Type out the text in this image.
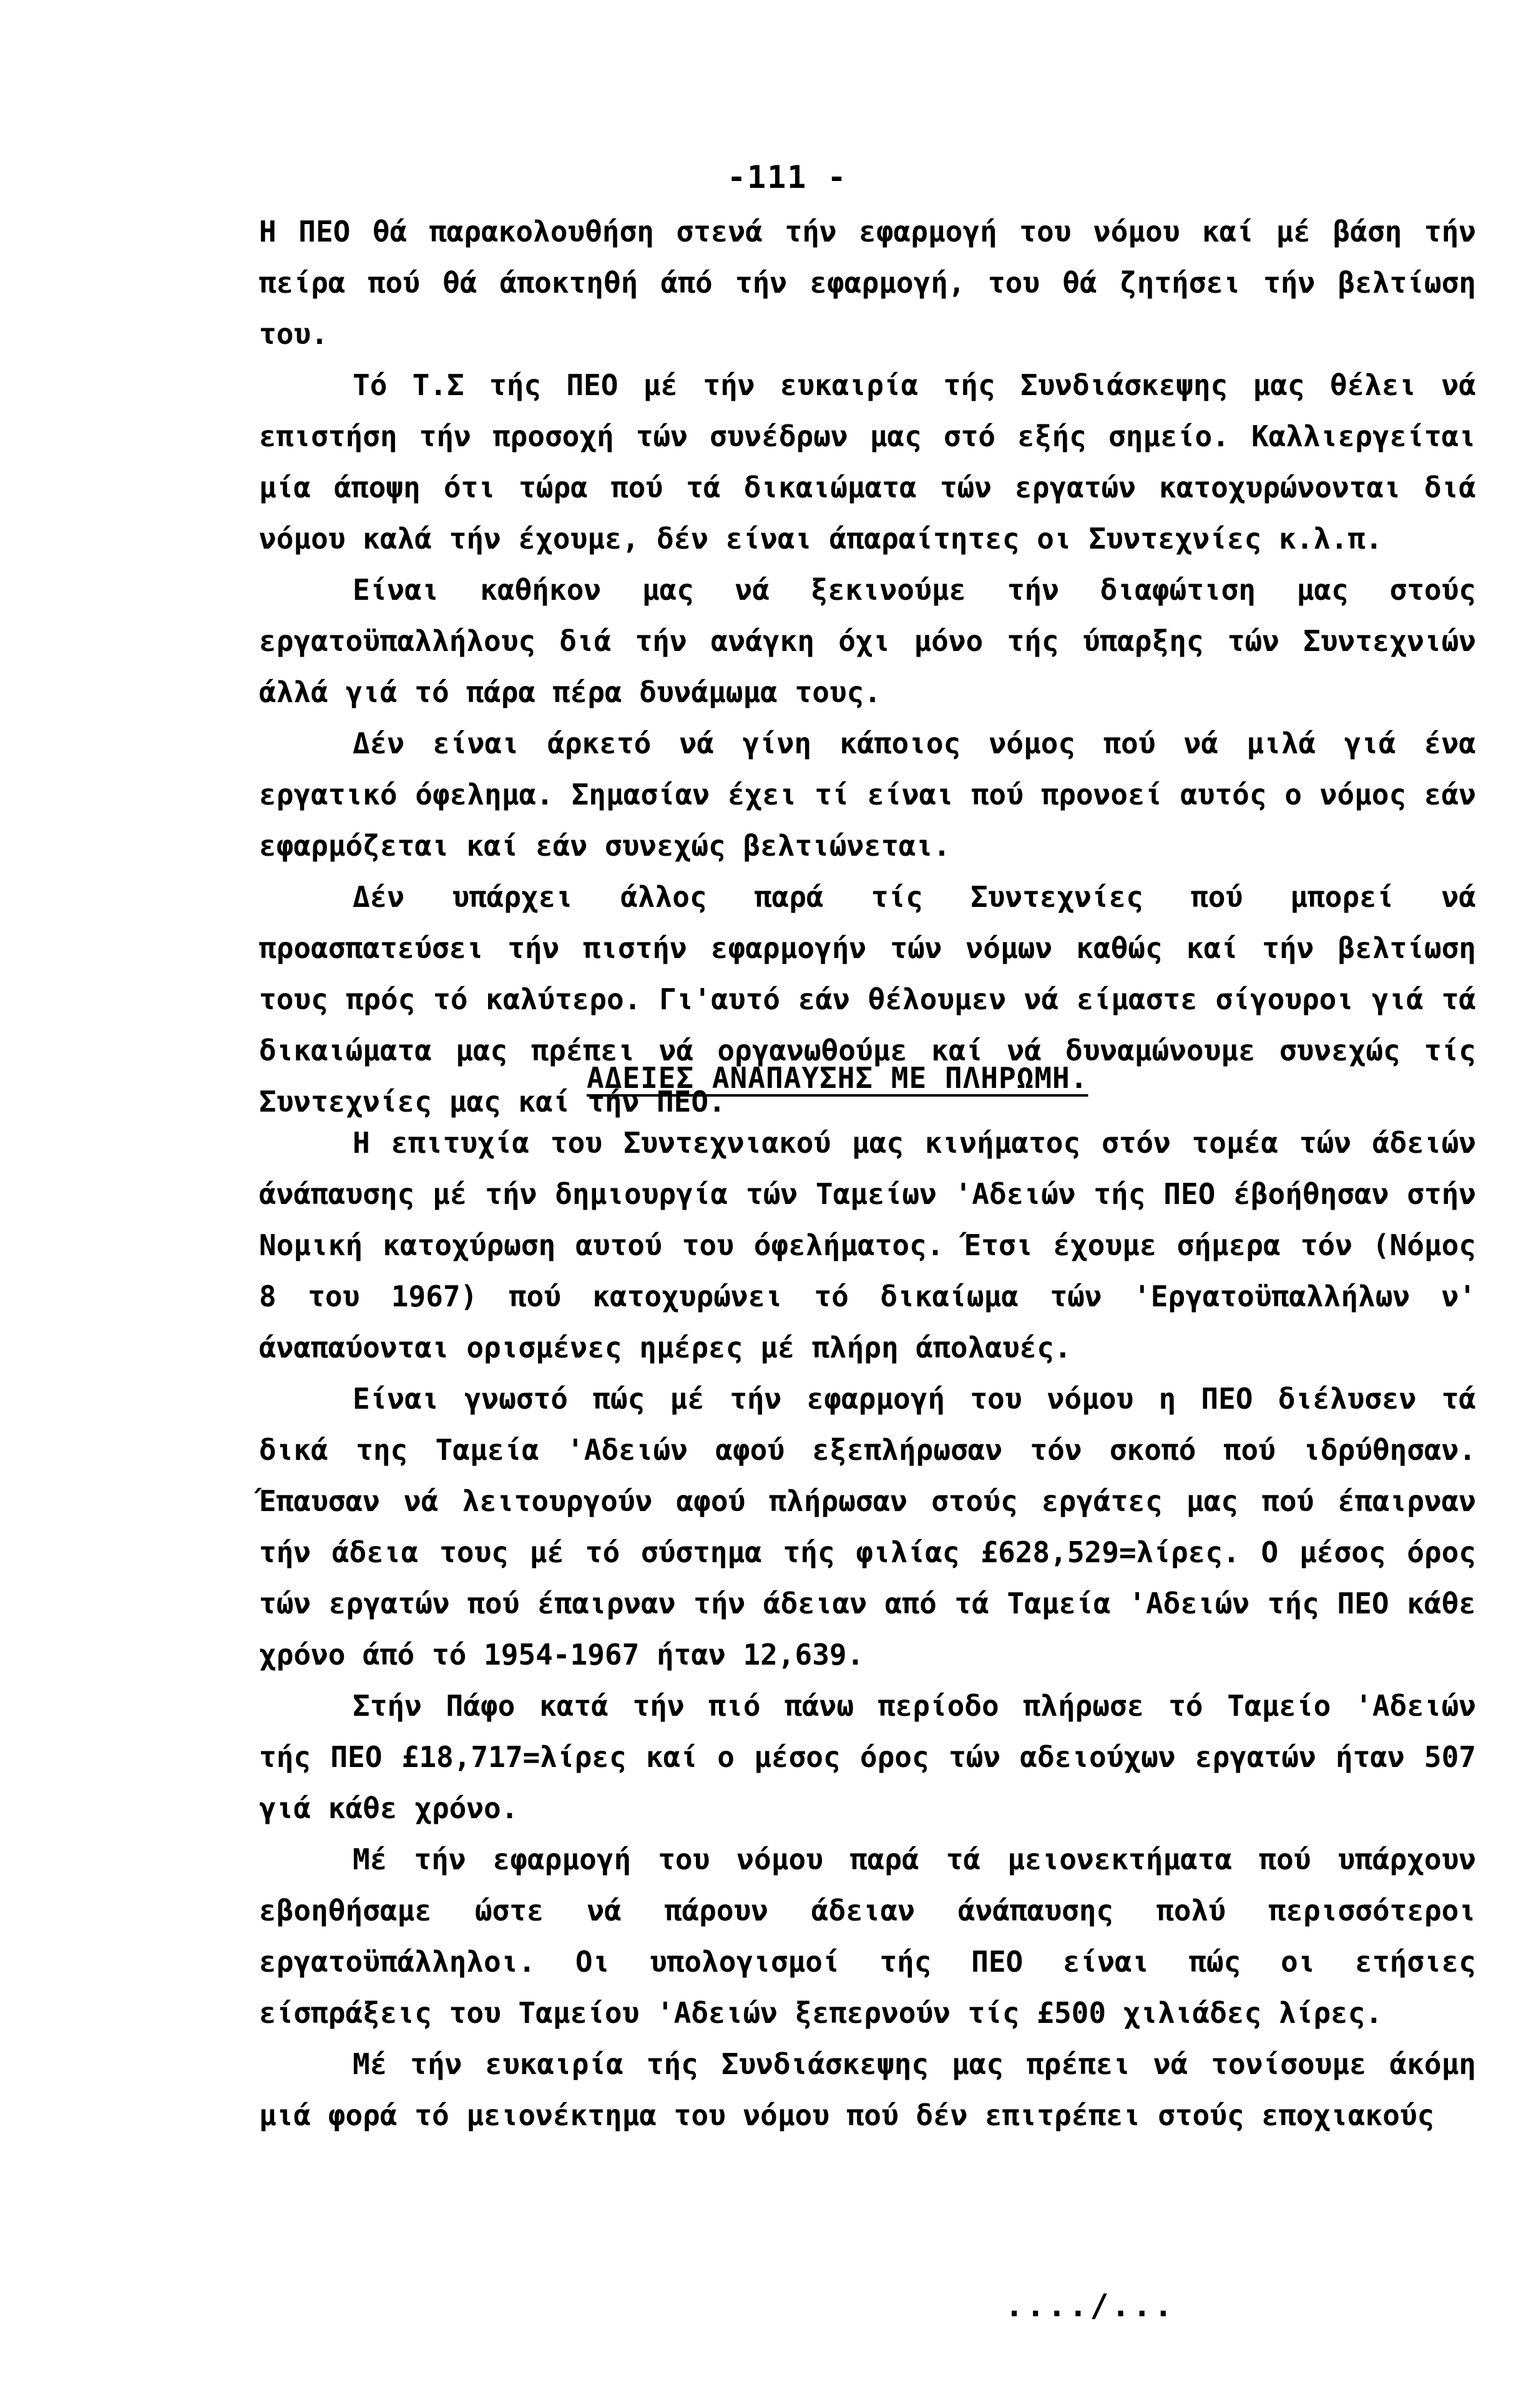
-111 -

Η ΠΕΟ θά παρακολουθήση στενά τήν εφαρμογή του νόμου καί μέ βάση τήν πείρα πού θά άποκτηθή άπό τήν εφαρμογή, του θά ζητήσει τήν βελτίωση του.

Τό Τ.Σ τής ΠΕΟ μέ τήν ευκαιρία τής Συνδιάσκεψης μας θέλει νά επιστήση τήν προσοχή τών συνέδρων μας στό εξής σημείο. Καλλιεργείται μία άποψη ότι τώρα πού τά δικαιώματα τών εργατών κατοχυρώνονται διά νόμου καλά τήν έχουμε, δέν είναι άπαραίτητες οι Συντεχνίες κ.λ.π.

Είναι καθήκον μας νά ξεκινούμε τήν διαφώτιση μας στούς εργατοϋπαλλήλους διά τήν ανάγκη όχι μόνο τής ύπαρξης τών Συντεχνιών άλλά γιά τό πάρα πέρα δυνάμωμα τους.

Δέν είναι άρκετό νά γίνη κάποιος νόμος πού νά μιλά γιά ένα εργατικό όφελημα. Σημασίαν έχει τί είναι πού προνοεί αυτός ο νόμος εάν εφαρμόζεται καί εάν συνεχώς βελτιώνεται.

Δέν υπάρχει άλλος παρά τίς Συντεχνίες πού μπορεί νά προασπατεύσει τήν πιστήν εφαρμογήν τών νόμων καθώς καί τήν βελτίωση τους πρός τό καλύτερο. Γι'αυτό εάν θέλουμεν νά είμαστε σίγουροι γιά τά δικαιώματα μας πρέπει νά οργανωθούμε καί νά δυναμώνουμε συνεχώς τίς Συντεχνίες μας καί τήν ΠΕΟ.

ΑΔΕΙΕΣ ΑΝΑΠΑΥΣΗΣ ΜΕ ΠΛΗΡΩΜΗ.

Η επιτυχία του Συντεχνιακού μας κινήματος στόν τομέα τών άδειών άνάπαυσης μέ τήν δημιουργία τών Ταμείων 'Αδειών τής ΠΕΟ έβοήθησαν στήν Νομική κατοχύρωση αυτού του όφελήματος. Έτσι έχουμε σήμερα τόν (Νόμος 8 του 1967) πού κατοχυρώνει τό δικαίωμα τών 'Εργατοϋπαλλήλων ν' άναπαύονται ορισμένες ημέρες μέ πλήρη άπολαυές.

Είναι γνωστό πώς μέ τήν εφαρμογή του νόμου η ΠΕΟ διέλυσεν τά δικά της Ταμεία 'Αδειών αφού εξεπλήρωσαν τόν σκοπό πού ιδρύθησαν. Έπαυσαν νά λειτουργούν αφού πλήρωσαν στούς εργάτες μας πού έπαιρναν τήν άδεια τους μέ τό σύστημα τής φιλίας £628,529=λίρες. Ο μέσος όρος τών εργατών πού έπαιρναν τήν άδειαν από τά Ταμεία 'Αδειών τής ΠΕΟ κάθε χρόνο άπό τό 1954-1967 ήταν 12,639.

Στήν Πάφο κατά τήν πιό πάνω περίοδο πλήρωσε τό Ταμείο 'Αδειών τής ΠΕΟ £18,717=λίρες καί ο μέσος όρος τών αδειούχων εργατών ήταν 507 γιά κάθε χρόνο.

Μέ τήν εφαρμογή του νόμου παρά τά μειονεκτήματα πού υπάρχουν εβοηθήσαμε ώστε νά πάρουν άδειαν άνάπαυσης πολύ περισσότεροι εργατοϋπάλληλοι. Οι υπολογισμοί τής ΠΕΟ είναι πώς οι ετήσιες είσπράξεις του Ταμείου 'Αδειών ξεπερνούν τίς £500 χιλιάδες λίρες.

Μέ τήν ευκαιρία τής Συνδιάσκεψης μας πρέπει νά τονίσουμε άκόμη μιά φορά τό μειονέκτημα του νόμου πού δέν επιτρέπει στούς εποχιακούς

..../...
